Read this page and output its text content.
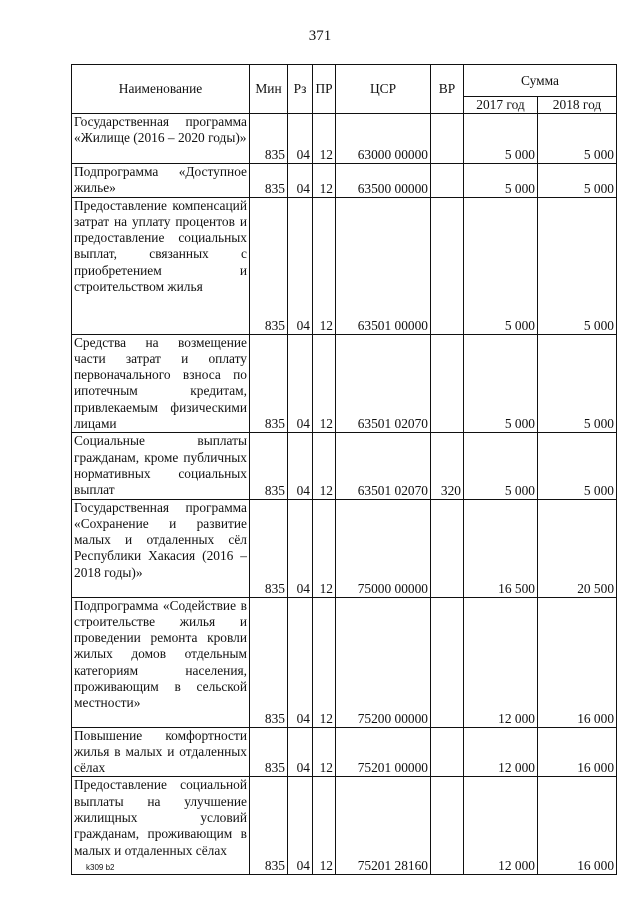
371
Наименование	Мин	Рз	ПР	ЦСР	ВР	Сумма	
						2017 год	2018 год
Государственная программа «Жилище (2016 – 2020 годы)»	835	04	12	63000 00000		5 000	5 000
Подпрограмма «Доступное жилье»	835	04	12	63500 00000		5 000	5 000
Предоставление компенсаций затрат на уплату процентов и предоставление социальных выплат, связанных с приобретением и строительством жилья	835	04	12	63501 00000		5 000	5 000
Средства на возмещение части затрат и оплату первоначального взноса по ипотечным кредитам, привлекаемым физическими лицами	835	04	12	63501 02070		5 000	5 000
Социальные выплаты гражданам, кроме публичных нормативных социальных выплат	835	04	12	63501 02070	320	5 000	5 000
Государственная программа «Сохранение и развитие малых и отдаленных сёл Республики Хакасия (2016 – 2018 годы)»	835	04	12	75000 00000		16 500	20 500
Подпрограмма «Содействие в строительстве жилья и проведении ремонта кровли жилых домов отдельным категориям населения, проживающим в сельской местности»	835	04	12	75200 00000		12 000	16 000
Повышение комфортности жилья в малых и отдаленных сёлах	835	04	12	75201 00000		12 000	16 000
Предоставление социальной выплаты на улучшение жилищных условий гражданам, проживающим в малых и отдаленных сёлах	835	04	12	75201 28160		12 000	16 000
k309 b2
